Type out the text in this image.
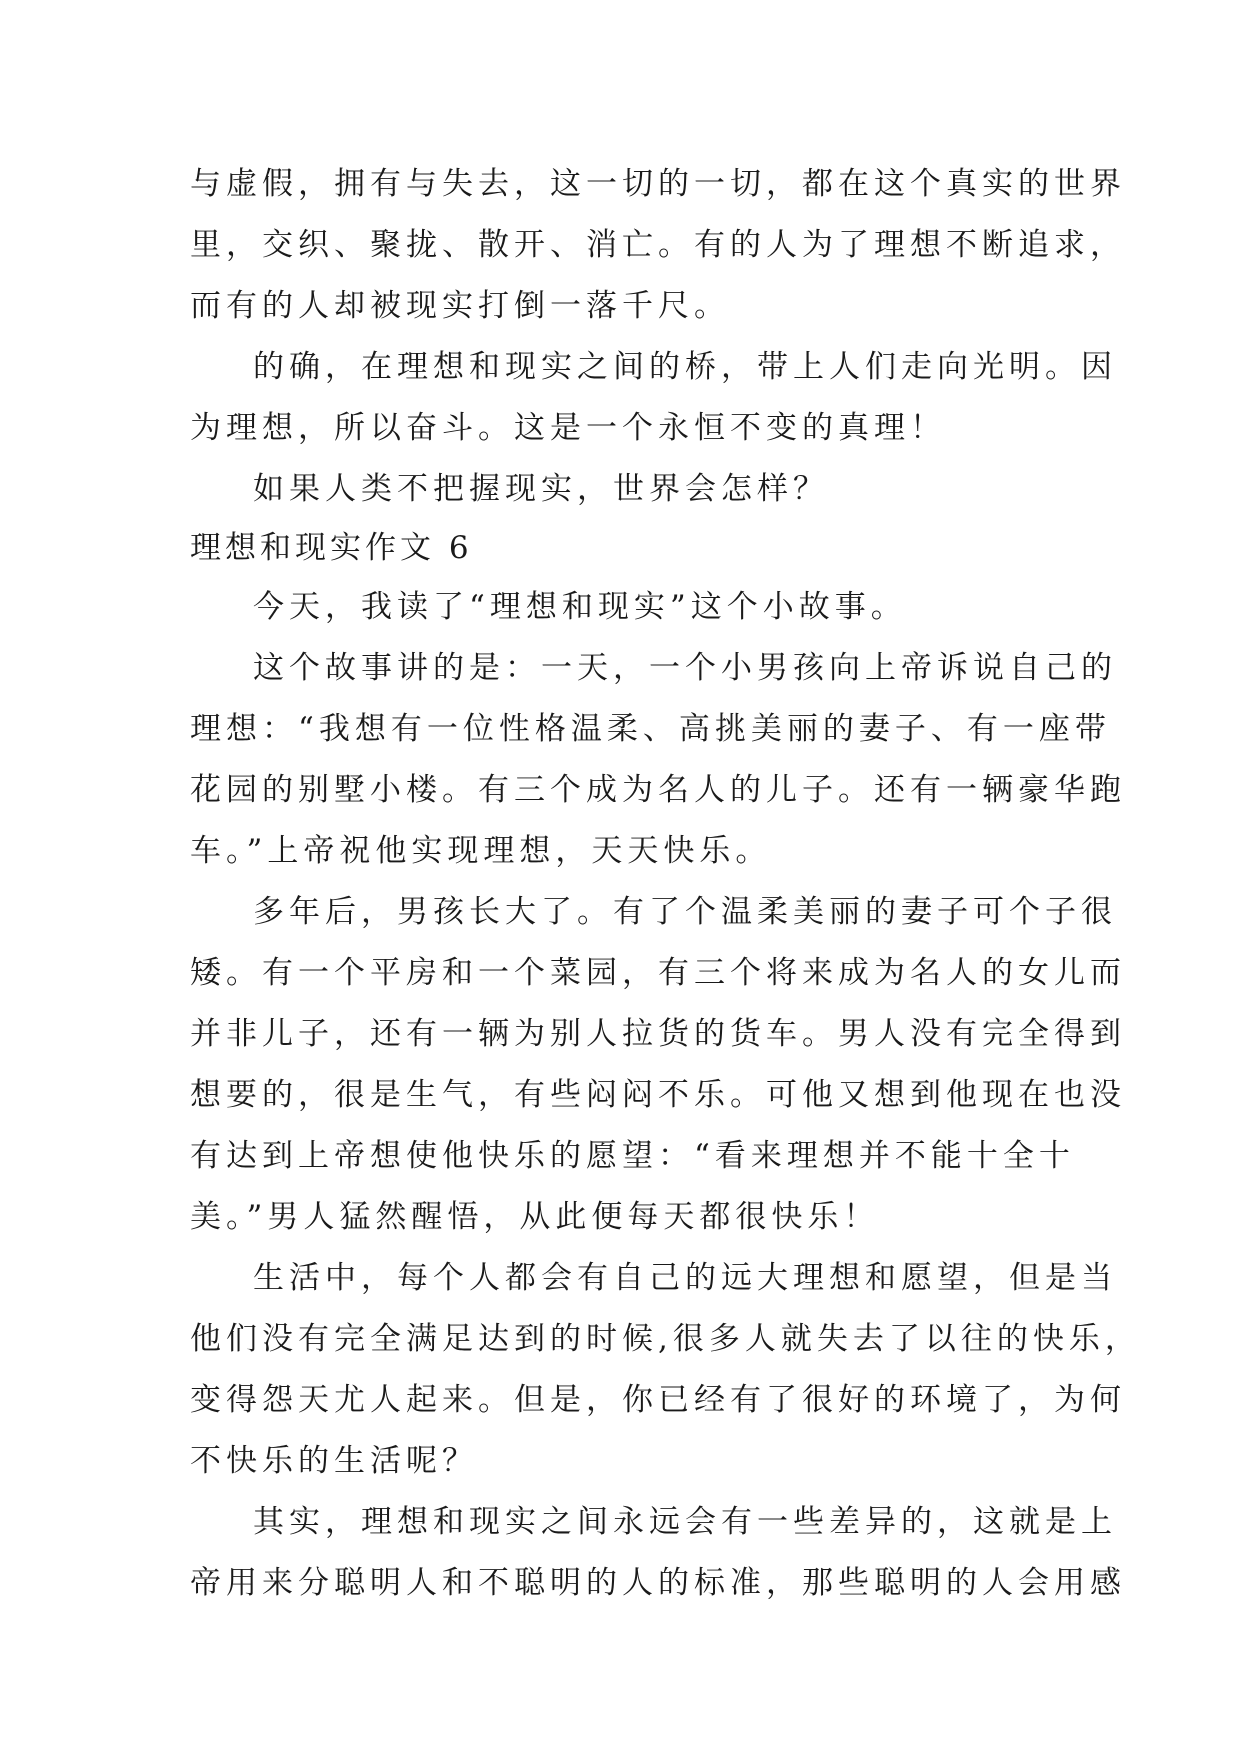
与虚假，拥有与失去，这一切的一切，都在这个真实的世界
里，交织、聚拢、散开、消亡。有的人为了理想不断追求，
而有的人却被现实打倒一落千尺。
的确，在理想和现实之间的桥，带上人们走向光明。因
为理想，所以奋斗。这是一个永恒不变的真理！
如果人类不把握现实，世界会怎样？
理想和现实作文 6
今天，我读了“理想和现实”这个小故事。
这个故事讲的是：一天，一个小男孩向上帝诉说自己的
理想：“我想有一位性格温柔、高挑美丽的妻子、有一座带
花园的别墅小楼。有三个成为名人的儿子。还有一辆豪华跑
车。”上帝祝他实现理想，天天快乐。
多年后，男孩长大了。有了个温柔美丽的妻子可个子很
矮。有一个平房和一个菜园，有三个将来成为名人的女儿而
并非儿子，还有一辆为别人拉货的货车。男人没有完全得到
想要的，很是生气，有些闷闷不乐。可他又想到他现在也没
有达到上帝想使他快乐的愿望：“看来理想并不能十全十
美。”男人猛然醒悟，从此便每天都很快乐！
生活中，每个人都会有自己的远大理想和愿望，但是当
他们没有完全满足达到的时候,很多人就失去了以往的快乐，
变得怨天尤人起来。但是，你已经有了很好的环境了，为何
不快乐的生活呢？
其实，理想和现实之间永远会有一些差异的，这就是上
帝用来分聪明人和不聪明的人的标准，那些聪明的人会用感
